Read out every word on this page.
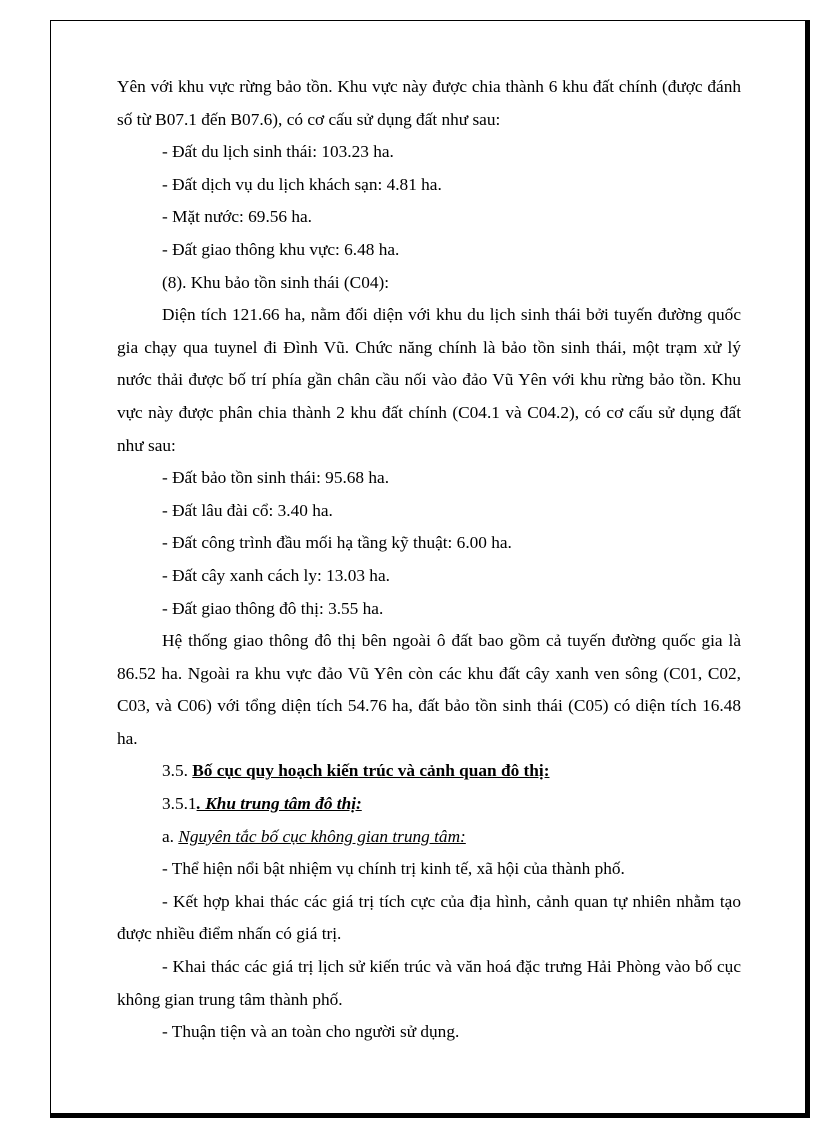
Yên với khu vực rừng bảo tồn. Khu vực này được chia thành 6 khu đất chính (được đánh số từ B07.1 đến B07.6), có cơ cấu sử dụng đất như sau:

- Đất du lịch sinh thái: 103.23 ha.

- Đất dịch vụ du lịch khách sạn: 4.81 ha.

- Mặt nước: 69.56 ha.

- Đất giao thông khu vực: 6.48 ha.

(8). Khu bảo tồn sinh thái (C04):

Diện tích 121.66 ha, nằm đối diện với khu du lịch sinh thái bởi tuyến đường quốc gia chạy qua tuynel đi Đình Vũ. Chức năng chính là bảo tồn sinh thái, một trạm xử lý nước thải được bố trí phía gần chân cầu nối vào đảo Vũ Yên với khu rừng bảo tồn. Khu vực này được phân chia thành 2 khu đất chính (C04.1 và C04.2), có cơ cấu sử dụng đất như sau:

- Đất bảo tồn sinh thái: 95.68 ha.

- Đất lâu đài cổ: 3.40 ha.

- Đất công trình đầu mối hạ tầng kỹ thuật: 6.00 ha.

- Đất cây xanh cách ly: 13.03 ha.

- Đất giao thông đô thị: 3.55 ha.

Hệ thống giao thông đô thị bên ngoài ô đất bao gồm cả tuyến đường quốc gia là 86.52 ha. Ngoài ra khu vực đảo Vũ Yên còn các khu đất cây xanh ven sông (C01, C02, C03, và C06) với tổng diện tích 54.76 ha, đất bảo tồn sinh thái (C05) có diện tích 16.48 ha.

3.5. Bố cục quy hoạch kiến trúc và cảnh quan đô thị:

3.5.1. Khu trung tâm đô thị:

a. Nguyên tắc bố cục không gian trung tâm:

- Thể hiện nổi bật nhiệm vụ chính trị kinh tế, xã hội của thành phố.

- Kết hợp khai thác các giá trị tích cực của địa hình, cảnh quan tự nhiên nhằm tạo được nhiều điểm nhấn có giá trị.

- Khai thác các giá trị lịch sử kiến trúc và văn hoá đặc trưng Hải Phòng vào bố cục không gian trung tâm thành phố.

- Thuận tiện và an toàn cho người sử dụng.
